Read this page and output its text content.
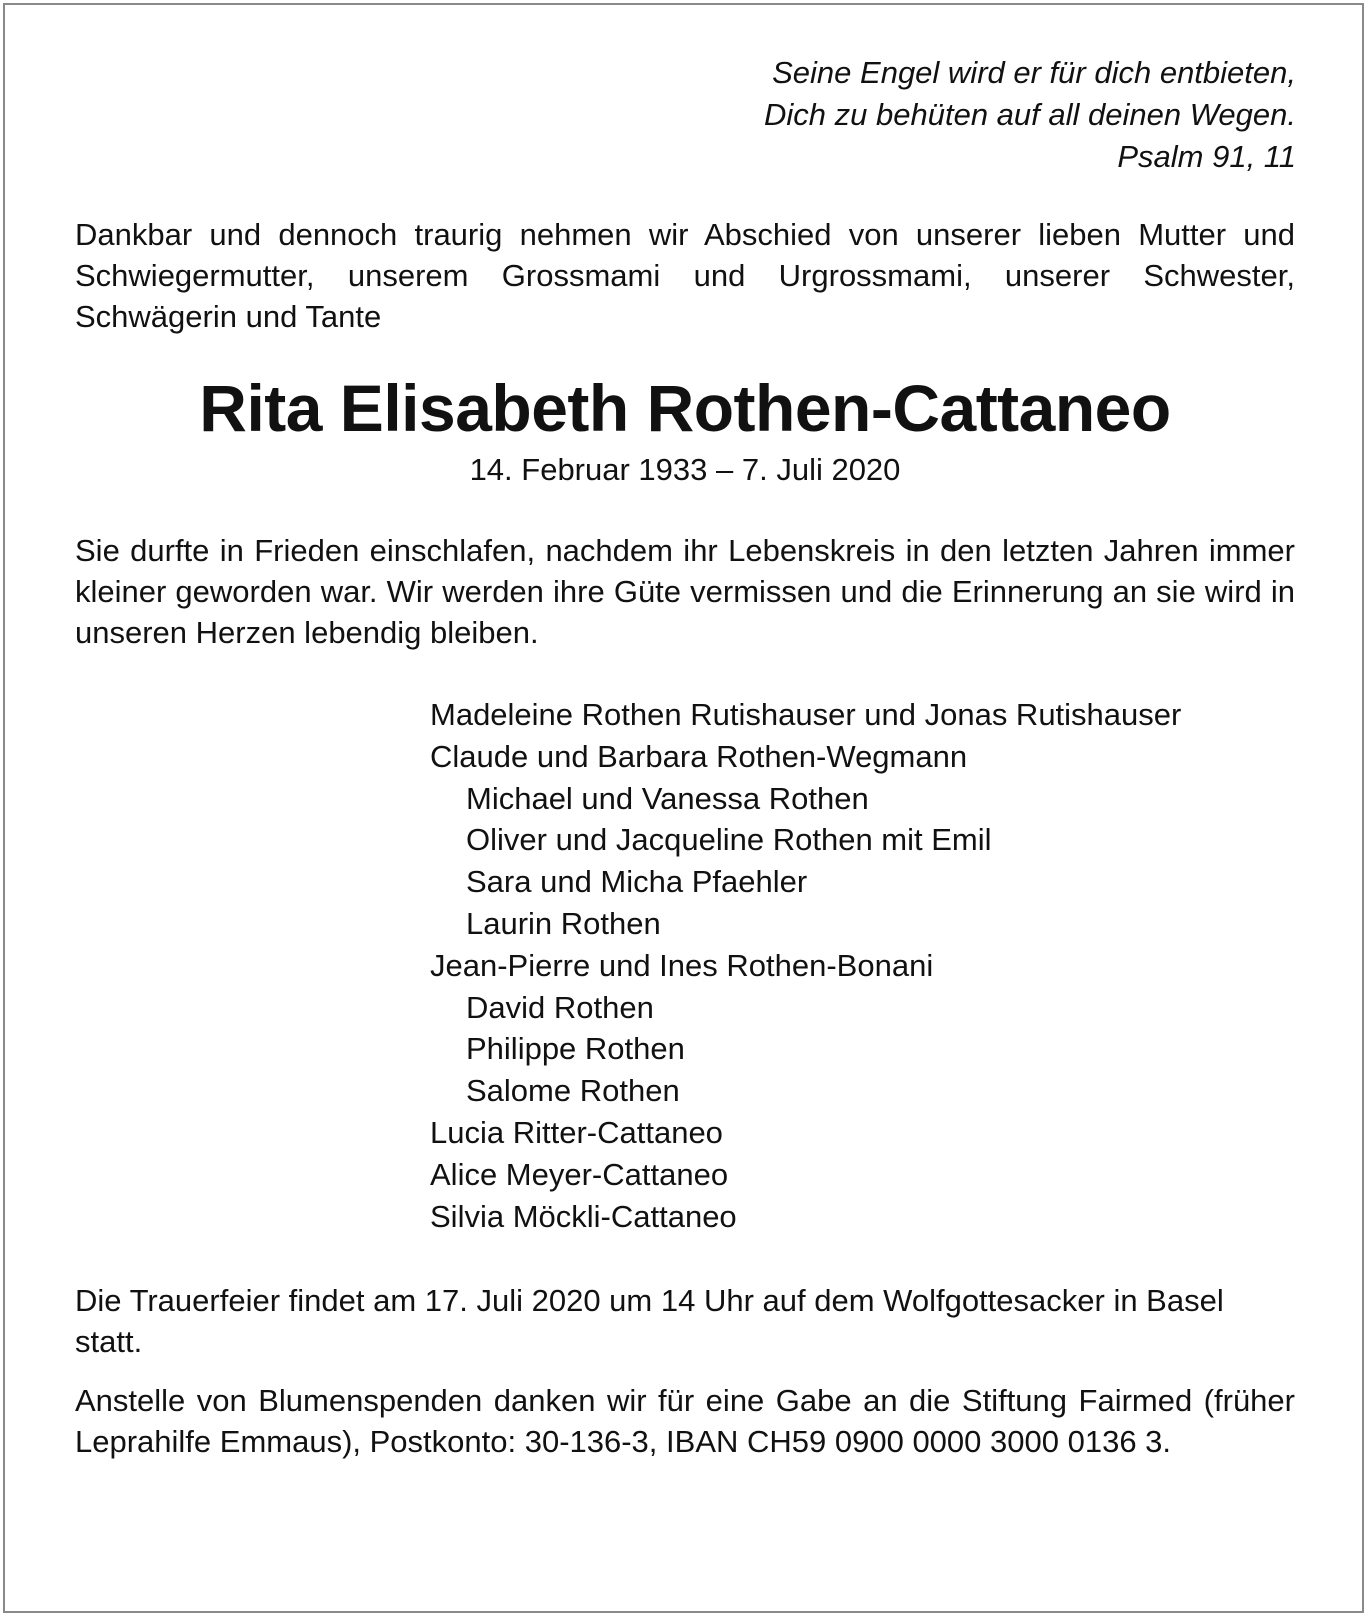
Seine Engel wird er für dich entbieten,
Dich zu behüten auf all deinen Wegen.
Psalm 91, 11
Dankbar und dennoch traurig nehmen wir Abschied von unserer lieben Mutter und Schwiegermutter, unserem Grossmami und Urgrossmami, unserer Schwester, Schwägerin und Tante
Rita Elisabeth Rothen-Cattaneo
14. Februar 1933 – 7. Juli 2020
Sie durfte in Frieden einschlafen, nachdem ihr Lebenskreis in den letzten Jahren immer kleiner geworden war. Wir werden ihre Güte vermissen und die Erinnerung an sie wird in unseren Herzen lebendig bleiben.
Madeleine Rothen Rutishauser und Jonas Rutishauser
Claude und Barbara Rothen-Wegmann
Michael und Vanessa Rothen
Oliver und Jacqueline Rothen mit Emil
Sara und Micha Pfaehler
Laurin Rothen
Jean-Pierre und Ines Rothen-Bonani
David Rothen
Philippe Rothen
Salome Rothen
Lucia Ritter-Cattaneo
Alice Meyer-Cattaneo
Silvia Möckli-Cattaneo
Die Trauerfeier findet am 17. Juli 2020 um 14 Uhr auf dem Wolfgottesacker in Basel statt.
Anstelle von Blumenspenden danken wir für eine Gabe an die Stiftung Fairmed (früher Leprahilfe Emmaus), Postkonto: 30-136-3, IBAN CH59 0900 0000 3000 0136 3.
